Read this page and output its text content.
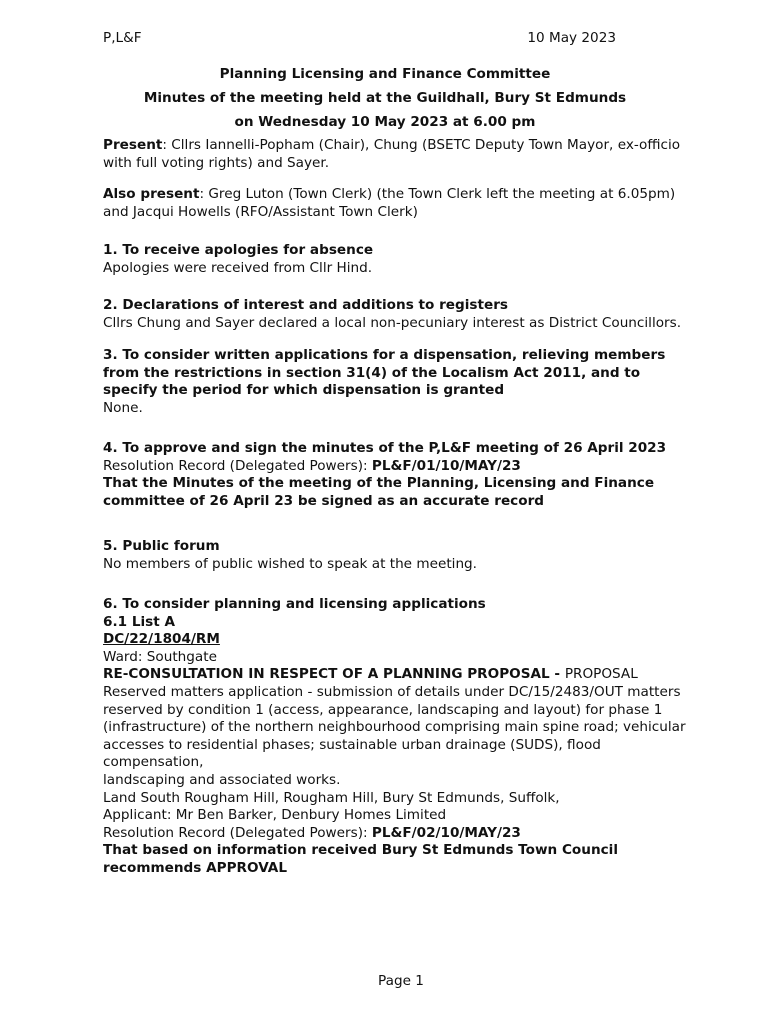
P,L&F	10 May 2023
Planning Licensing and Finance Committee
Minutes of the meeting held at the Guildhall, Bury St Edmunds
on Wednesday 10 May 2023 at 6.00 pm
Present: Cllrs Iannelli-Popham (Chair), Chung (BSETC Deputy Town Mayor, ex-officio
with full voting rights) and Sayer.
Also present: Greg Luton (Town Clerk) (the Town Clerk left the meeting at 6.05pm)
and Jacqui Howells (RFO/Assistant Town Clerk)
1. To receive apologies for absence
Apologies were received from Cllr Hind.
2. Declarations of interest and additions to registers
Cllrs Chung and Sayer declared a local non-pecuniary interest as District Councillors.
3. To consider written applications for a dispensation, relieving members
from the restrictions in section 31(4) of the Localism Act 2011, and to
specify the period for which dispensation is granted
None.
4. To approve and sign the minutes of the P,L&F meeting of 26 April 2023
Resolution Record (Delegated Powers): PL&F/01/10/MAY/23
That the Minutes of the meeting of the Planning, Licensing and Finance
committee of 26 April 23 be signed as an accurate record
5. Public forum
No members of public wished to speak at the meeting.
6. To consider planning and licensing applications
6.1 List A
DC/22/1804/RM
Ward: Southgate
RE-CONSULTATION IN RESPECT OF A PLANNING PROPOSAL - PROPOSAL
Reserved matters application - submission of details under DC/15/2483/OUT matters
reserved by condition 1 (access, appearance, landscaping and layout) for phase 1
(infrastructure) of the northern neighbourhood comprising main spine road; vehicular
accesses to residential phases; sustainable urban drainage (SUDS), flood
compensation,
landscaping and associated works.
Land South Rougham Hill, Rougham Hill, Bury St Edmunds, Suffolk,
Applicant: Mr Ben Barker, Denbury Homes Limited
Resolution Record (Delegated Powers): PL&F/02/10/MAY/23
That based on information received Bury St Edmunds Town Council
recommends APPROVAL
Page 1
